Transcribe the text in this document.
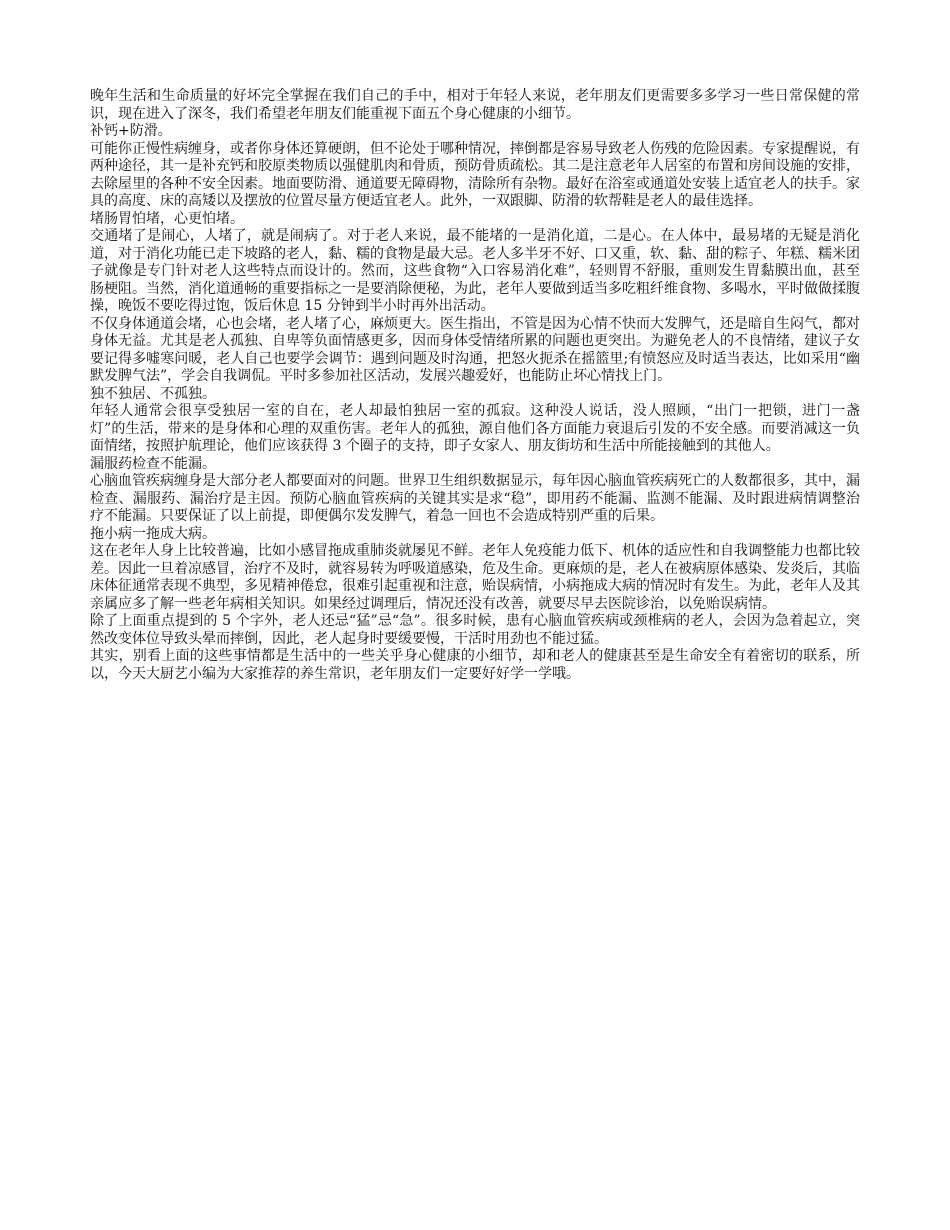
晚年生活和生命质量的好坏完全掌握在我们自己的手中，相对于年轻人来说，老年朋友们更需要多多学习一些日常保健的常识，现在进入了深冬，我们希望老年朋友们能重视下面五个身心健康的小细节。

补钙+防滑。

可能你正慢性病缠身，或者你身体还算硬朗，但不论处于哪种情况，摔倒都是容易导致老人伤残的危险因素。专家提醒说，有两种途径，其一是补充钙和胶原类物质以强健肌肉和骨质，预防骨质疏松。其二是注意老年人居室的布置和房间设施的安排，去除屋里的各种不安全因素。地面要防滑、通道要无障碍物，清除所有杂物。最好在浴室或通道处安装上适宜老人的扶手。家具的高度、床的高矮以及摆放的位置尽量方便适宜老人。此外，一双跟脚、防滑的软帮鞋是老人的最佳选择。

堵肠胃怕堵，心更怕堵。

交通堵了是闹心，人堵了，就是闹病了。对于老人来说，最不能堵的一是消化道，二是心。在人体中，最易堵的无疑是消化道，对于消化功能已走下坡路的老人，黏、糯的食物是最大忌。老人多半牙不好、口又重，软、黏、甜的粽子、年糕、糯米团子就像是专门针对老人这些特点而设计的。然而，这些食物“入口容易消化难”，轻则胃不舒服，重则发生胃黏膜出血，甚至肠梗阻。当然，消化道通畅的重要指标之一是要消除便秘，为此，老年人要做到适当多吃粗纤维食物、多喝水，平时做做揉腹操，晚饭不要吃得过饱，饭后休息 15 分钟到半小时再外出活动。

不仅身体通道会堵，心也会堵，老人堵了心，麻烦更大。医生指出，不管是因为心情不快而大发脾气，还是暗自生闷气，都对身体无益。尤其是老人孤独、自卑等负面情感更多，因而身体受情绪所累的问题也更突出。为避免老人的不良情绪，建议子女要记得多嘘寒问暖，老人自己也要学会调节：遇到问题及时沟通，把怒火扼杀在摇篮里;有愤怒应及时适当表达，比如采用“幽默发脾气法”，学会自我调侃。平时多参加社区活动，发展兴趣爱好，也能防止坏心情找上门。

独不独居、不孤独。

年轻人通常会很享受独居一室的自在，老人却最怕独居一室的孤寂。这种没人说话，没人照顾，“出门一把锁，进门一盏灯”的生活，带来的是身体和心理的双重伤害。老年人的孤独，源自他们各方面能力衰退后引发的不安全感。而要消减这一负面情绪，按照护航理论，他们应该获得 3 个圈子的支持，即子女家人、朋友街坊和生活中所能接触到的其他人。

漏服药检查不能漏。

心脑血管疾病缠身是大部分老人都要面对的问题。世界卫生组织数据显示，每年因心脑血管疾病死亡的人数都很多，其中，漏检查、漏服药、漏治疗是主因。预防心脑血管疾病的关键其实是求“稳”，即用药不能漏、监测不能漏、及时跟进病情调整治疗不能漏。只要保证了以上前提，即便偶尔发发脾气，着急一回也不会造成特别严重的后果。

拖小病一拖成大病。

这在老年人身上比较普遍，比如小感冒拖成重肺炎就屡见不鲜。老年人免疫能力低下、机体的适应性和自我调整能力也都比较差。因此一旦着凉感冒，治疗不及时，就容易转为呼吸道感染，危及生命。更麻烦的是，老人在被病原体感染、发炎后，其临床体征通常表现不典型，多见精神倦怠，很难引起重视和注意，贻误病情，小病拖成大病的情况时有发生。为此，老年人及其亲属应多了解一些老年病相关知识。如果经过调理后，情况还没有改善，就要尽早去医院诊治，以免贻误病情。

除了上面重点提到的 5 个字外，老人还忌“猛”忌“急”。很多时候，患有心脑血管疾病或颈椎病的老人，会因为急着起立，突然改变体位导致头晕而摔倒，因此，老人起身时要缓要慢，干活时用劲也不能过猛。

其实，别看上面的这些事情都是生活中的一些关乎身心健康的小细节，却和老人的健康甚至是生命安全有着密切的联系，所以，今天大厨艺小编为大家推荐的养生常识，老年朋友们一定要好好学一学哦。
